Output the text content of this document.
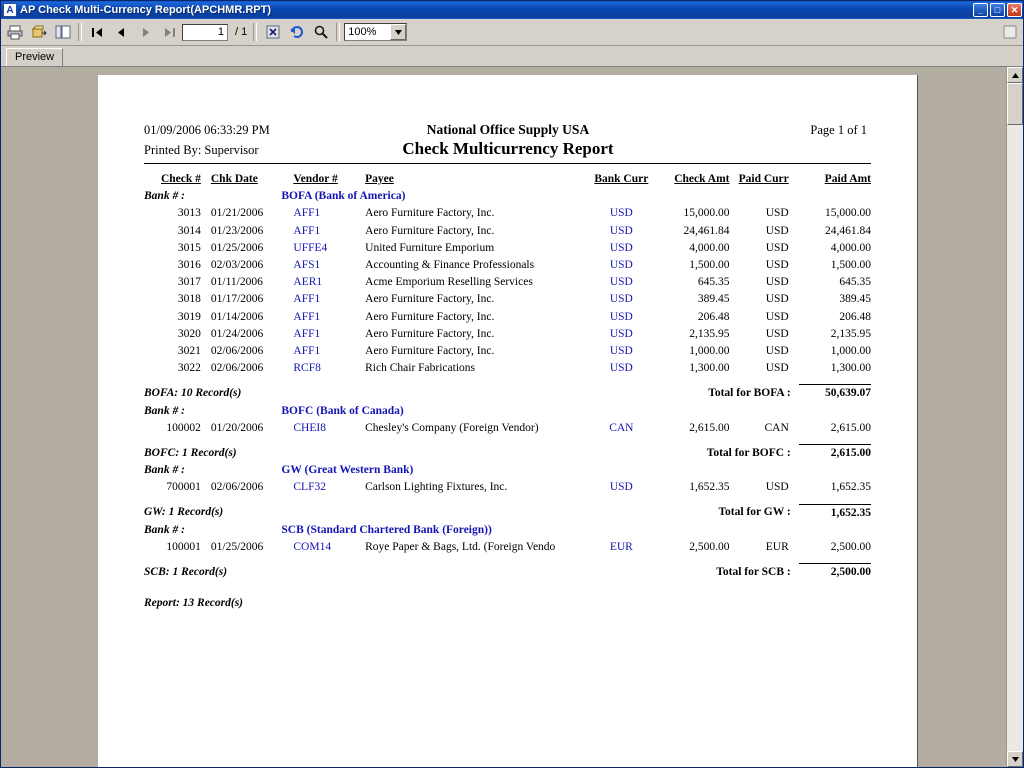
A AP Check Multi-Currency Report(APCHMR.RPT)	_	□	✕
1
/ 1	100%
Preview
01/09/2006 06:33:29 PM
Printed By: Supervisor
National Office Supply USA
Check Multicurrency Report
Page 1 of 1
Check #	Chk Date	Vendor #	Payee	Bank Curr	Check Amt	Paid Curr	Paid Amt
Bank # :		BOFA (Bank of America)					
3013	01/21/2006	AFF1	Aero Furniture Factory, Inc.	USD	15,000.00	USD	15,000.00
3014	01/23/2006	AFF1	Aero Furniture Factory, Inc.	USD	24,461.84	USD	24,461.84
3015	01/25/2006	UFFE4	United Furniture Emporium	USD	4,000.00	USD	4,000.00
3016	02/03/2006	AFS1	Accounting & Finance Professionals	USD	1,500.00	USD	1,500.00
3017	01/11/2006	AER1	Acme Emporium Reselling Services	USD	645.35	USD	645.35
3018	01/17/2006	AFF1	Aero Furniture Factory, Inc.	USD	389.45	USD	389.45
3019	01/14/2006	AFF1	Aero Furniture Factory, Inc.	USD	206.48	USD	206.48
3020	01/24/2006	AFF1	Aero Furniture Factory, Inc.	USD	2,135.95	USD	2,135.95
3021	02/06/2006	AFF1	Aero Furniture Factory, Inc.	USD	1,000.00	USD	1,000.00
3022	02/06/2006	RCF8	Rich Chair Fabrications	USD	1,300.00	USD	1,300.00

BOFA: 10 Record(s)				Total for BOFA :			50,639.07
Bank # :		BOFC (Bank of Canada)					
100002	01/20/2006	CHEI8	Chesley's Company (Foreign Vendor)	CAN	2,615.00	CAN	2,615.00

BOFC: 1 Record(s)				Total for BOFC :			2,615.00
Bank # :		GW (Great Western Bank)					
700001	02/06/2006	CLF32	Carlson Lighting Fixtures, Inc.	USD	1,652.35	USD	1,652.35

GW: 1 Record(s)				Total for GW :			1,652.35
Bank # :		SCB (Standard Chartered Bank (Foreign))					
100001	01/25/2006	COM14	Roye Paper & Bags, Ltd. (Foreign Vendo	EUR	2,500.00	EUR	2,500.00

SCB: 1 Record(s)				Total for SCB :			2,500.00

Report: 13 Record(s)							
